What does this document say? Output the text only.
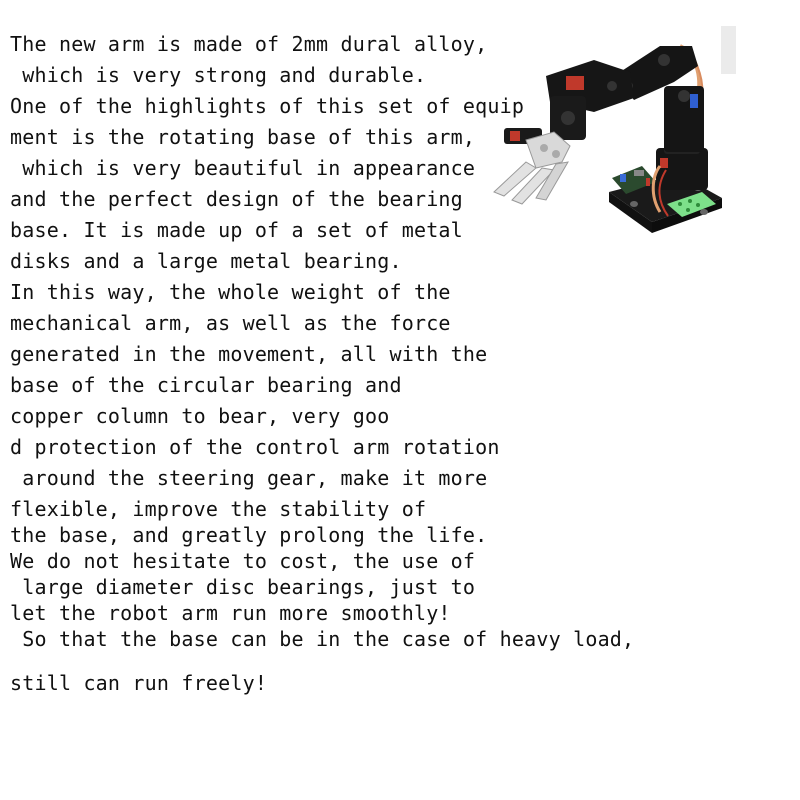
The new arm is made of 2mm dural alloy,

which is very strong and durable.

One of the highlights of this set of equip

ment is the rotating base of this arm,

which is very beautiful in appearance

and the perfect design of the bearing

base. It is made up of a set of metal

disks and a large metal bearing.

In this way, the whole weight of the

mechanical arm, as well as the force

generated in the movement, all with the

base of the circular bearing and

copper column to bear, very goo

d protection of the control arm rotation

around the steering gear, make it more

flexible, improve the stability of

the base, and greatly prolong the life.

We do not hesitate to cost, the use of

large diameter disc bearings, just to

let the robot arm run more smoothly!

So that the base can be in the case of heavy load,

still can run freely!
